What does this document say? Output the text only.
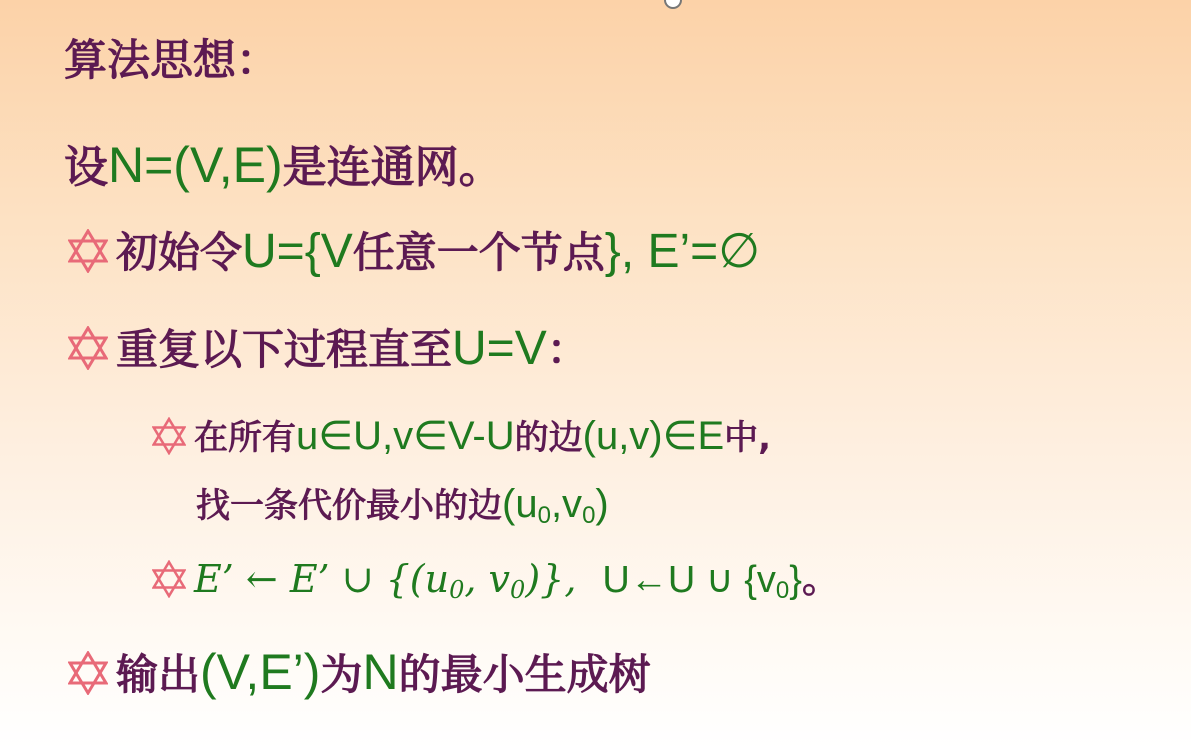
算法思想：
设N=(V,E)是连通网。
初始令U={V任意一个节点}, E’=∅
重复以下过程直至U=V：
在所有u∈U,v∈V-U的边(u,v)∈E中,
找一条代价最小的边$(u_0,v_0)$
E’ ← E’ ∪ {($u_0$, $v_0$)}, U←U ∪ $\{v_0\}$。
输出(V,E’)为N的最小生成树
